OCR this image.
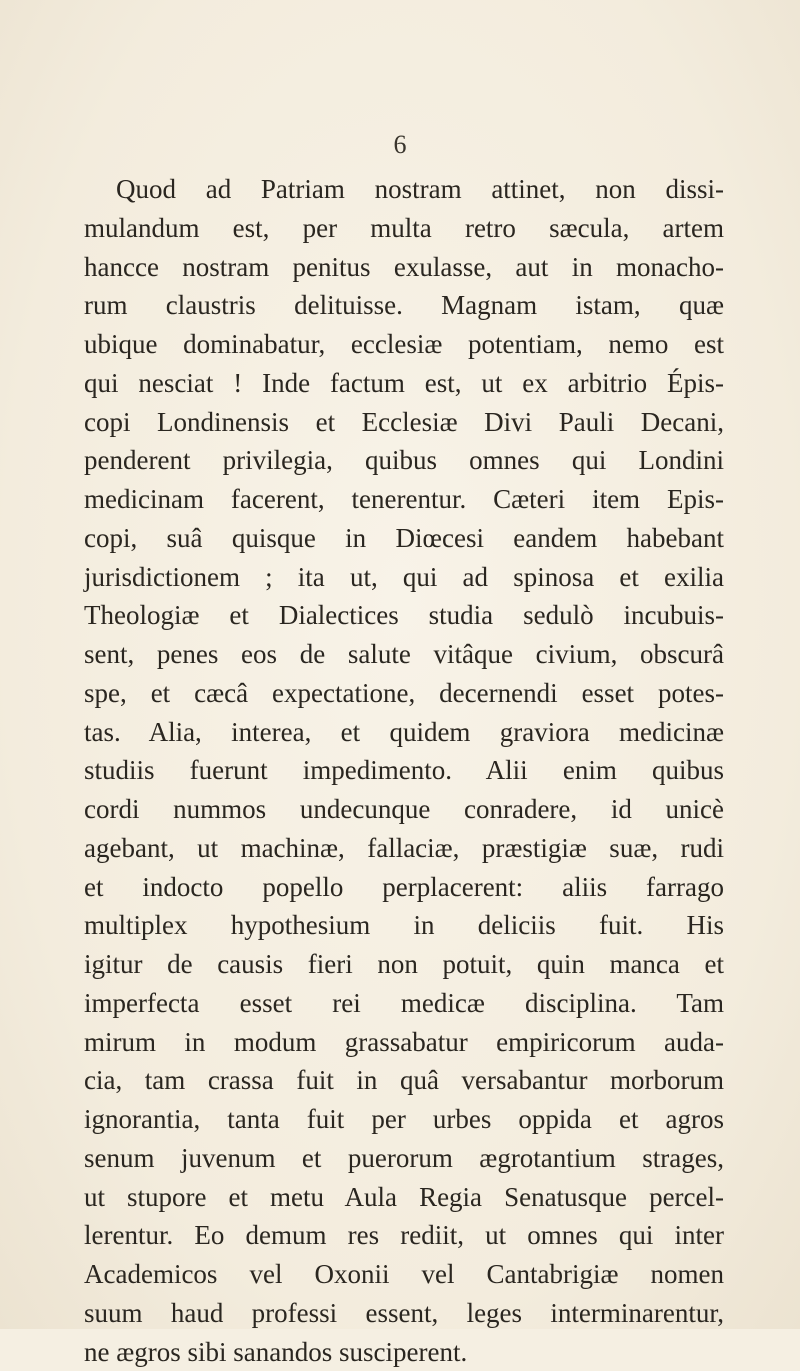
6
Quod ad Patriam nostram attinet, non dissi-
mulandum est, per multa retro sæcula, artem
hancce nostram penitus exulasse, aut in monacho-
rum claustris delituisse. Magnam istam, quæ
ubique dominabatur, ecclesiæ potentiam, nemo est
qui nesciat ! Inde factum est, ut ex arbitrio Épis-
copi Londinensis et Ecclesiæ Divi Pauli Decani,
penderent privilegia, quibus omnes qui Londini
medicinam facerent, tenerentur. Cæteri item Epis-
copi, suâ quisque in Diœcesi eandem habebant
jurisdictionem ; ita ut, qui ad spinosa et exilia
Theologiæ et Dialectices studia sedulò incubuis-
sent, penes eos de salute vitâque civium, obscurâ
spe, et cæcâ expectatione, decernendi esset potes-
tas. Alia, interea, et quidem graviora medicinæ
studiis fuerunt impedimento. Alii enim quibus
cordi nummos undecunque conradere, id unicè
agebant, ut machinæ, fallaciæ, præstigiæ suæ, rudi
et indocto popello perplacerent: aliis farrago
multiplex hypothesium in deliciis fuit. His
igitur de causis fieri non potuit, quin manca et
imperfecta esset rei medicæ disciplina. Tam
mirum in modum grassabatur empiricorum auda-
cia, tam crassa fuit in quâ versabantur morborum
ignorantia, tanta fuit per urbes oppida et agros
senum juvenum et puerorum ægrotantium strages,
ut stupore et metu Aula Regia Senatusque percel-
lerentur. Eo demum res rediit, ut omnes qui inter
Academicos vel Oxonii vel Cantabrigiæ nomen
suum haud professi essent, leges interminarentur,
ne ægros sibi sanandos susciperent.
